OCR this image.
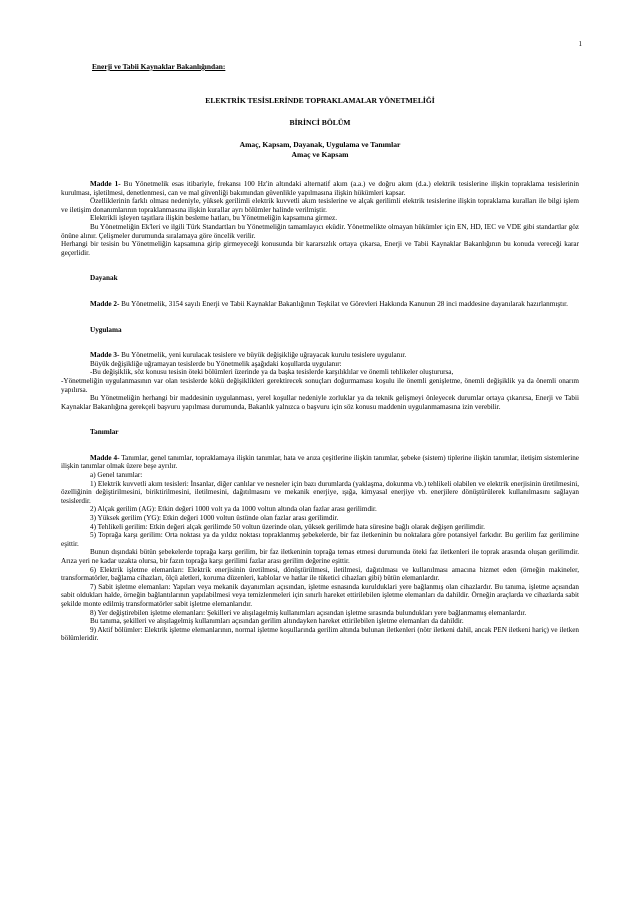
1
Enerji ve Tabii Kaynaklar Bakanlığından:
ELEKTRİK TESİSLERİNDE TOPRAKLAMALAR YÖNETMELİĞİ
BİRİNCİ BÖLÜM
Amaç, Kapsam, Dayanak, Uygulama ve Tanımlar
Amaç ve Kapsam

Madde 1- Bu Yönetmelik esas itibariyle, frekansı 100 Hz'in altındaki alternatif akım (a.a.) ve doğru akım (d.a.) elektrik tesislerine ilişkin topraklama tesislerinin kurulması, işletilmesi, denetlenmesi, can ve mal güvenliği bakımından güvenlikle yapılmasına ilişkin hükümleri kapsar.

Özelliklerinin farklı olması nedeniyle, yüksek gerilimli elektrik kuvvetli akım tesislerine ve alçak gerilimli elektrik tesislerine ilişkin topraklama kuralları ile bilgi işlem ve iletişim donanımlarının topraklanmasına ilişkin kurallar ayrı bölümler halinde verilmiştir.

Elektrikli işleyen taşıtlara ilişkin besleme hatları, bu Yönetmeliğin kapsamına girmez.

Bu Yönetmeliğin Ek'leri ve ilgili Türk Standartları bu Yönetmeliğin tamamlayıcı eküdir. Yönetmelikte olmayan hükümler için EN, HD, IEC ve VDE gibi standartlar göz önüne alınır. Çelişmeler durumunda sıralamaya göre öncelik verilir.

Herhangi bir tesisin bu Yönetmeliğin kapsamına girip girmeyeceği konusunda bir kararsızlık ortaya çıkarsa, Enerji ve Tabii Kaynaklar Bakanlığının bu konuda vereceği karar geçerlidir.

Dayanak

Madde 2- Bu Yönetmelik, 3154 sayılı Enerji ve Tabii Kaynaklar Bakanlığının Teşkilat ve Görevleri Hakkında Kanunun 28 inci maddesine dayanılarak hazırlanmıştır.

Uygulama

Madde 3- Bu Yönetmelik, yeni kurulacak tesislere ve büyük değişikliğe uğrayacak kurulu tesislere uygulanır.

Büyük değişikliğe uğramayan tesislerde bu Yönetmelik aşağıdaki koşullarda uygulanır:

-Bu değişiklik, söz konusu tesisin öteki bölümleri üzerinde ya da başka tesislerde karşılıklılar ve önemli tehlikeler oluşturursa,

-Yönetmeliğin uygulanmasının var olan tesislerde kökü değişiklikleri gerektirecek sonuçları doğurmaması koşulu ile önemli genişletme, önemli değişiklik ya da önemli onarım yapılırsa.

Bu Yönetmeliğin herhangi bir maddesinin uygulanması, yerel koşullar nedeniyle zorluklar ya da teknik gelişmeyi önleyecek durumlar ortaya çıkarırsa, Enerji ve Tabii Kaynaklar Bakanlığına gerekçeli başvuru yapılması durumunda, Bakanlık yalnızca o başvuru için söz konusu maddenin uygulanmamasına izin verebilir.

Tanımlar

Madde 4- Tanımlar, genel tanımlar, topraklamaya ilişkin tanımlar, hata ve arıza çeşitlerine ilişkin tanımlar, şebeke (sistem) tiplerine ilişkin tanımlar, iletişim sistemlerine ilişkin tanımlar olmak üzere beşe ayrılır.

a) Genel tanımlar:

1) Elektrik kuvvetli akım tesisleri: İnsanlar, diğer canlılar ve nesneler için bazı durumlarda (yaklaşma, dokunma vb.) tehlikeli olabilen ve elektrik enerjisinin üretilmesini, özelliğinin değiştirilmesini, biriktirilmesini, iletilmesini, dağıtılmasını ve mekanik enerjiye, ışığa, kimyasal enerjiye vb. enerjilere dönüştürülerek kullanılmasını sağlayan tesislerdir.

2) Alçak gerilim (AG): Etkin değeri 1000 volt ya da 1000 voltun altında olan fazlar arası gerilimdir.

3) Yüksek gerilim (YG): Etkin değeri 1000 voltun üstünde olan fazlar arası gerilimdir.

4) Tehlikeli gerilim: Etkin değeri alçak gerilimde 50 voltun üzerinde olan, yüksek gerilimde hata süresine bağlı olarak değişen gerilimdir.

5) Toprağa karşı gerilim: Orta noktası ya da yıldız noktası topraklanmış şebekelerde, bir faz iletkeninin bu noktalara göre potansiyel farkıdır. Bu gerilim faz gerilimine eşittir.

Bunun dışındaki bütün şebekelerde toprağa karşı gerilim, bir faz iletkeninin toprağa temas etmesi durumunda öteki faz iletkenleri ile toprak arasında oluşan gerilimdir. Arıza yeri ne kadar uzakta olursa, bir fazın toprağa karşı gerilimi fazlar arası gerilim değerine eşittir.

6) Elektrik işletme elemanları: Elektrik enerjisinin üretilmesi, dönüştürülmesi, iletilmesi, dağıtılması ve kullanılması amacına hizmet eden (örneğin makineler, transformatörler, bağlama cihazları, ölçü aletleri, koruma düzenleri, kablolar ve hatlar ile tüketici cihazları gibi) bütün elemanlardır.

7) Sabit işletme elemanları: Yapıları veya mekanik dayanımları açısından, işletme esnasında kurulduklari yere bağlanmış olan cihazlardır. Bu tanıma, işletme açısından sabit oldukları halde, örneğin bağlantılarının yapılabilmesi veya temizlenmeleri için sınırlı hareket ettirilebilen işletme elemanları da dahildir. Örneğin araçlarda ve cihazlarda sabit şekilde monte edilmiş transformatörler sabit işletme elemanlarıdır.

8) Yer değiştirebilen işletme elemanları: Şekilleri ve alışılagelmiş kullanımları açısından işletme sırasında bulundukları yere bağlanmamış elemanlardır.

Bu tanıma, şekilleri ve alışılagelmiş kullanımları açısından gerilim altındayken hareket ettirilebilen işletme elemanları da dahildir.

9) Aktif bölümler: Elektrik işletme elemanlarının, normal işletme koşullarında gerilim altında bulunan iletkenleri (nötr iletkeni dahil, ancak PEN iletkeni hariç) ve iletken bölümleridir.
